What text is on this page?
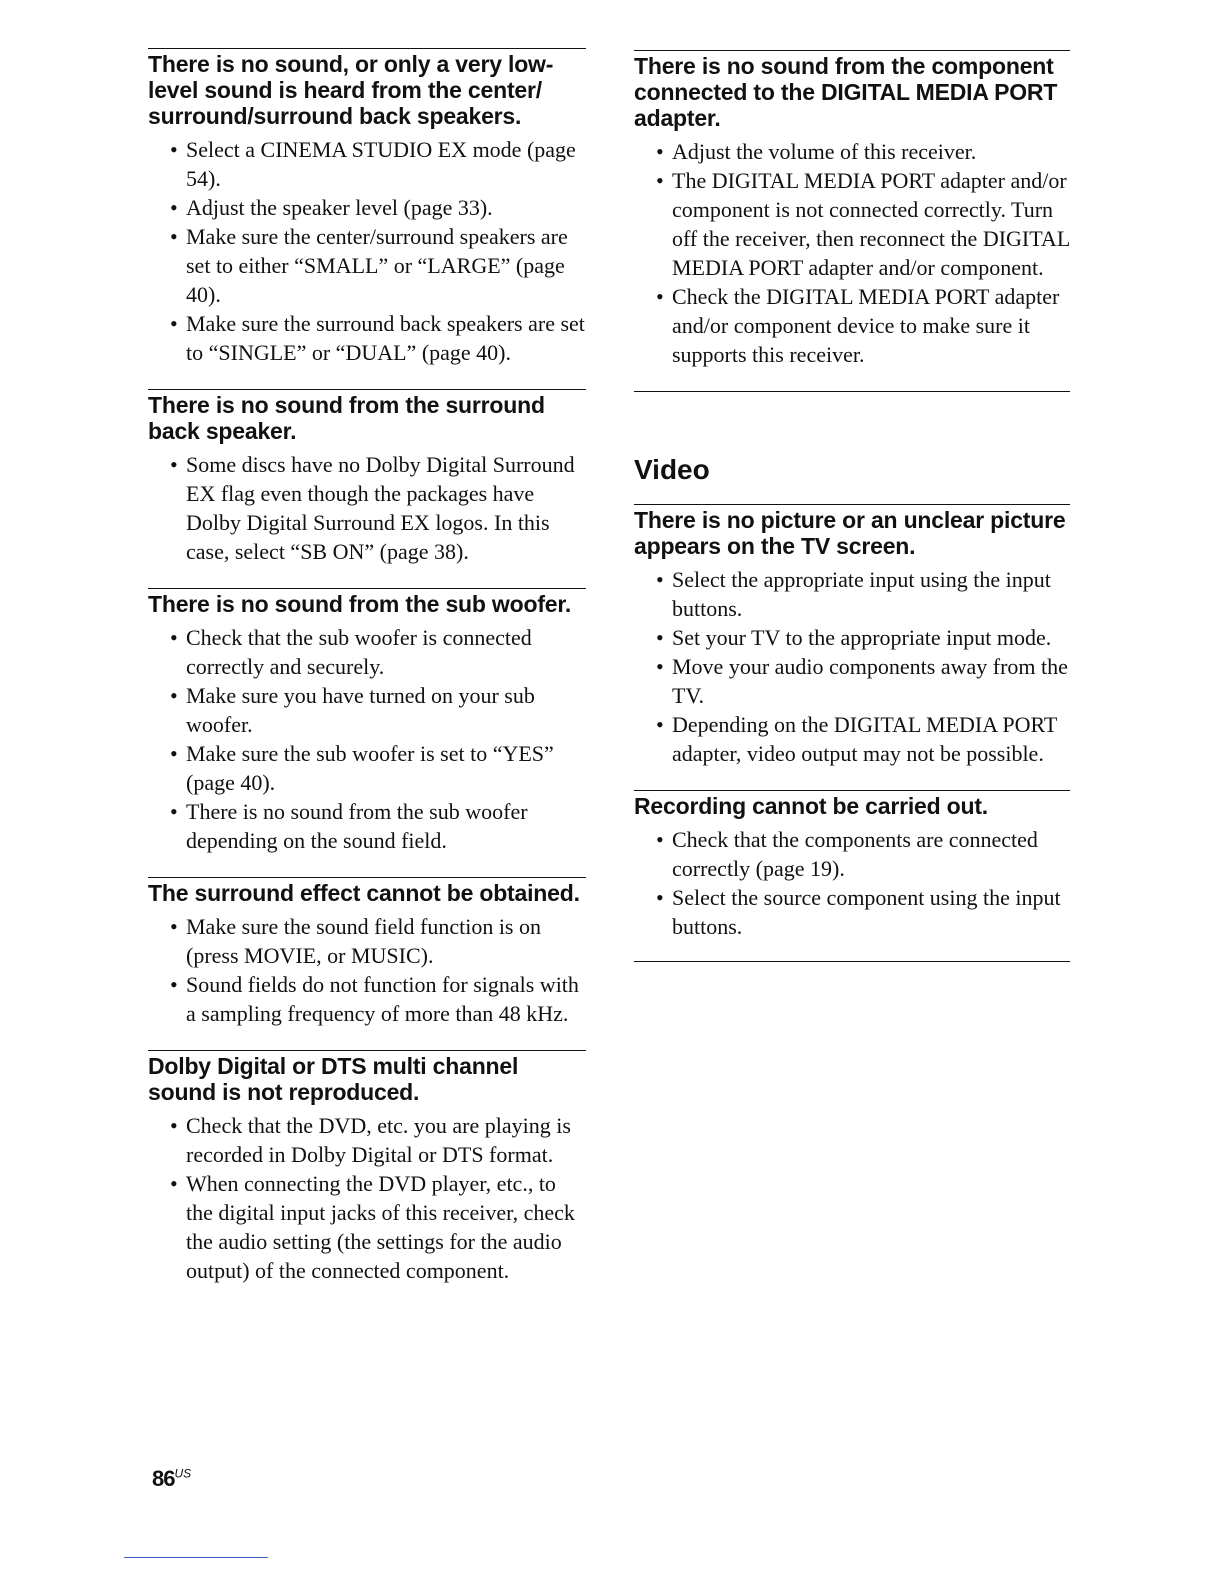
There is no sound, or only a very low-level sound is heard from the center/ surround/surround back speakers.
• Select a CINEMA STUDIO EX mode (page 54).
• Adjust the speaker level (page 33).
• Make sure the center/surround speakers are set to either “SMALL” or “LARGE” (page 40).
• Make sure the surround back speakers are set to “SINGLE” or “DUAL” (page 40).
There is no sound from the surround back speaker.
• Some discs have no Dolby Digital Surround EX flag even though the packages have Dolby Digital Surround EX logos. In this case, select “SB ON” (page 38).
There is no sound from the sub woofer.
• Check that the sub woofer is connected correctly and securely.
• Make sure you have turned on your sub woofer.
• Make sure the sub woofer is set to “YES” (page 40).
• There is no sound from the sub woofer depending on the sound field.
The surround effect cannot be obtained.
• Make sure the sound field function is on (press MOVIE, or MUSIC).
• Sound fields do not function for signals with a sampling frequency of more than 48 kHz.
Dolby Digital or DTS multi channel sound is not reproduced.
• Check that the DVD, etc. you are playing is recorded in Dolby Digital or DTS format.
• When connecting the DVD player, etc., to the digital input jacks of this receiver, check the audio setting (the settings for the audio output) of the connected component.
There is no sound from the component connected to the DIGITAL MEDIA PORT adapter.
• Adjust the volume of this receiver.
• The DIGITAL MEDIA PORT adapter and/or component is not connected correctly. Turn off the receiver, then reconnect the DIGITAL MEDIA PORT adapter and/or component.
• Check the DIGITAL MEDIA PORT adapter and/or component device to make sure it supports this receiver.
Video
There is no picture or an unclear picture appears on the TV screen.
• Select the appropriate input using the input buttons.
• Set your TV to the appropriate input mode.
• Move your audio components away from the TV.
• Depending on the DIGITAL MEDIA PORT adapter, video output may not be possible.
Recording cannot be carried out.
• Check that the components are connected correctly (page 19).
• Select the source component using the input buttons.
$86^{US}$
